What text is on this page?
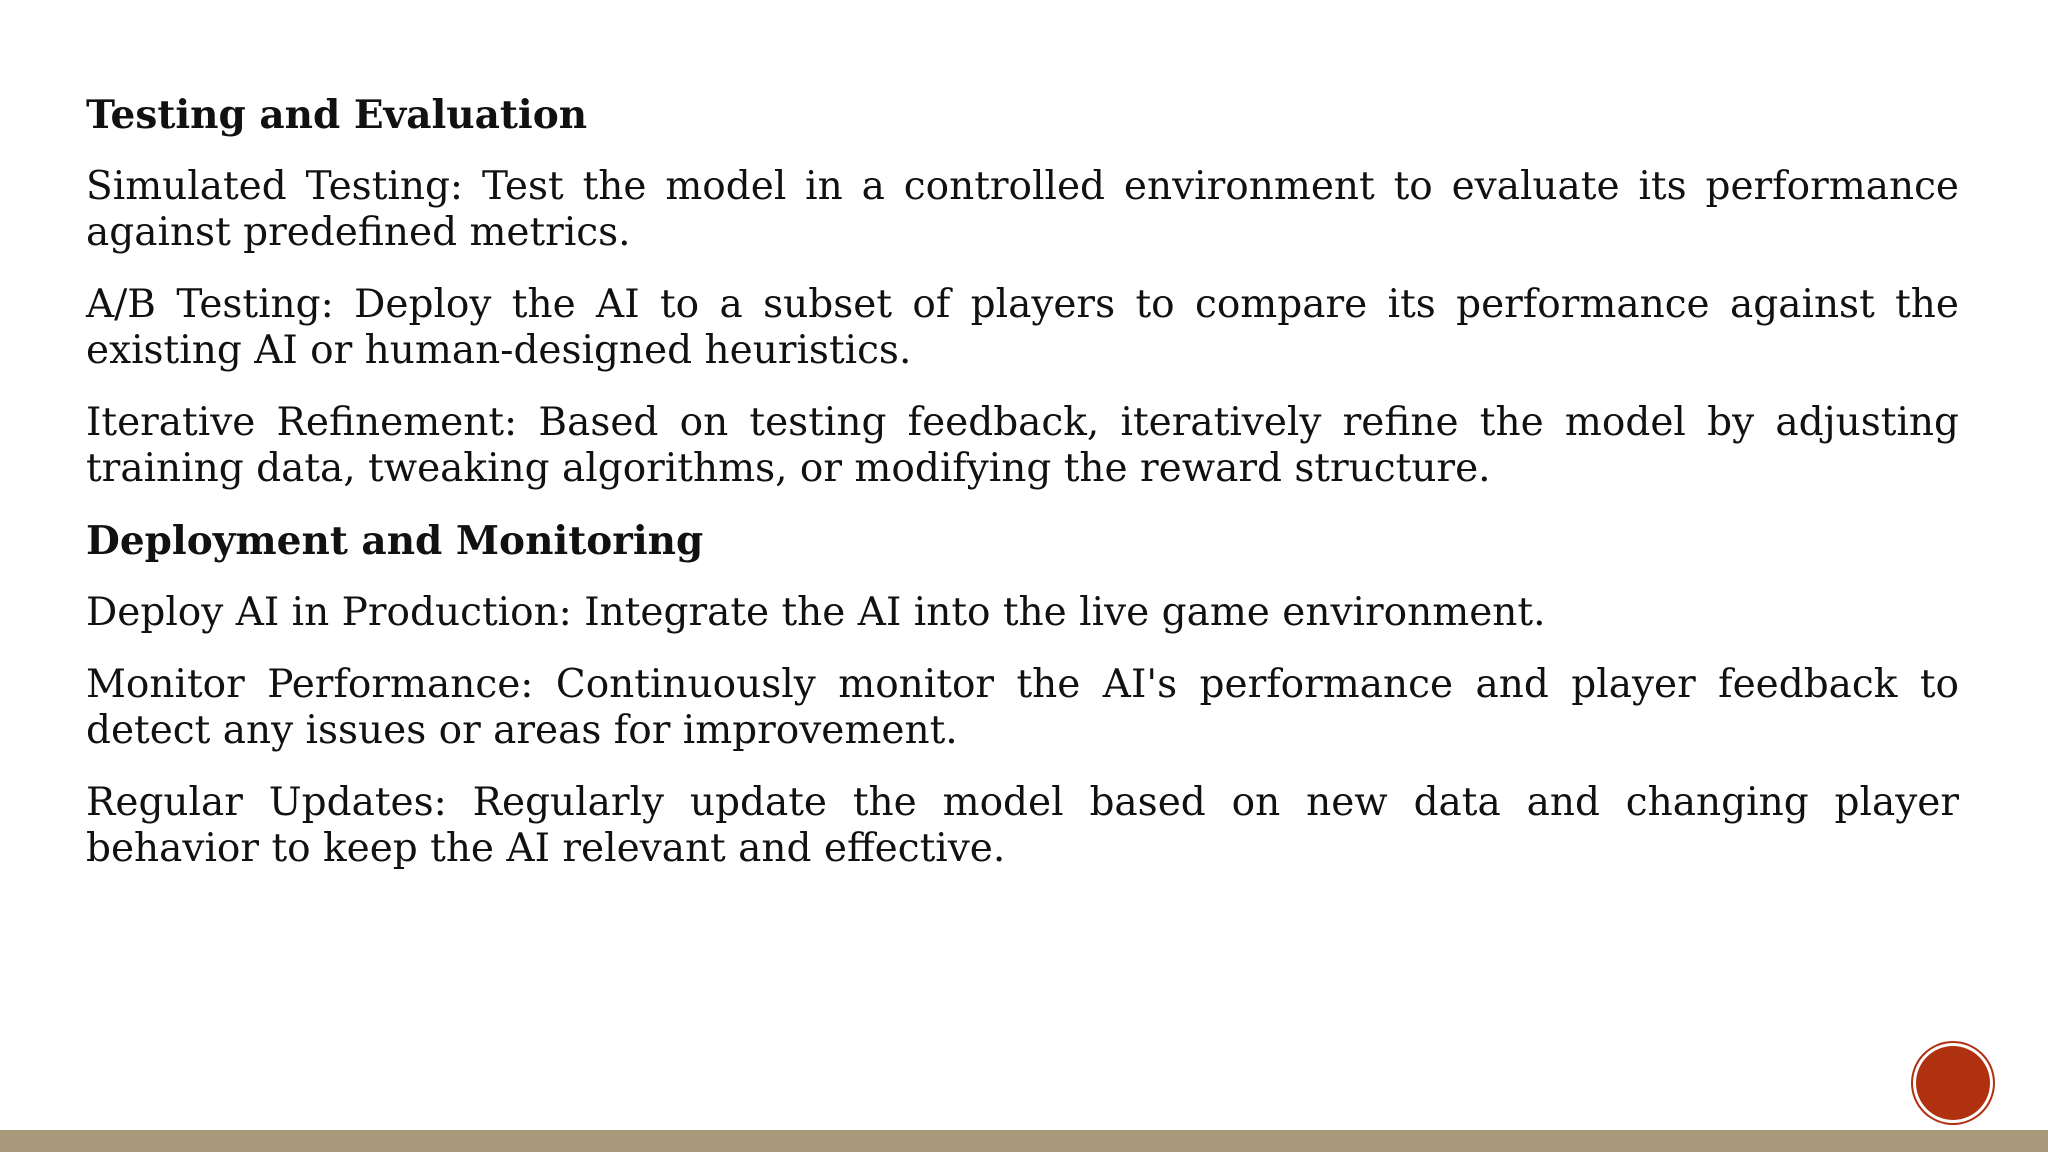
Testing and Evaluation

Simulated Testing: Test the model in a controlled environment to evaluate its performance against predefined metrics.

A/B Testing: Deploy the AI to a subset of players to compare its performance against the existing AI or human-designed heuristics.

Iterative Refinement: Based on testing feedback, iteratively refine the model by adjusting training data, tweaking algorithms, or modifying the reward structure.

Deployment and Monitoring

Deploy AI in Production: Integrate the AI into the live game environment.

Monitor Performance: Continuously monitor the AI's performance and player feedback to detect any issues or areas for improvement.

Regular Updates: Regularly update the model based on new data and changing player behavior to keep the AI relevant and effective.
